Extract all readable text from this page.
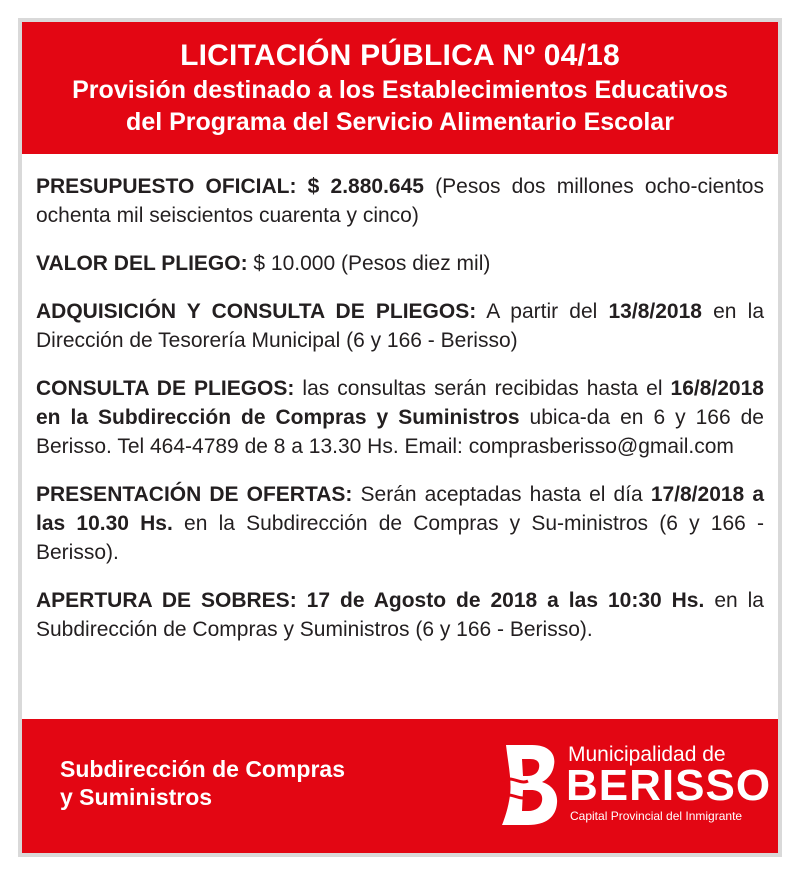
LICITACIÓN PÚBLICA Nº 04/18
Provisión destinado a los Establecimientos Educativos
del Programa del Servicio Alimentario Escolar

PRESUPUESTO OFICIAL: $ 2.880.645 (Pesos dos millones ocho-cientos ochenta mil seiscientos cuarenta y cinco)

VALOR DEL PLIEGO: $ 10.000 (Pesos diez mil)

ADQUISICIÓN Y CONSULTA DE PLIEGOS: A partir del 13/8/2018 en la Dirección de Tesorería Municipal (6 y 166 - Berisso)

CONSULTA DE PLIEGOS: las consultas serán recibidas hasta el 16/8/2018 en la Subdirección de Compras y Suministros ubica-da en 6 y 166 de Berisso. Tel 464-4789 de 8 a 13.30 Hs. Email: comprasberisso@gmail.com

PRESENTACIÓN DE OFERTAS: Serán aceptadas hasta el día 17/8/2018 a las 10.30 Hs. en la Subdirección de Compras y Su-ministros (6 y 166 - Berisso).

APERTURA DE SOBRES: 17 de Agosto de 2018 a las 10:30 Hs. en la Subdirección de Compras y Suministros (6 y 166 - Berisso).

Subdirección de Compras
y Suministros
Municipalidad de
BERISSO
Capital Provincial del Inmigrante
